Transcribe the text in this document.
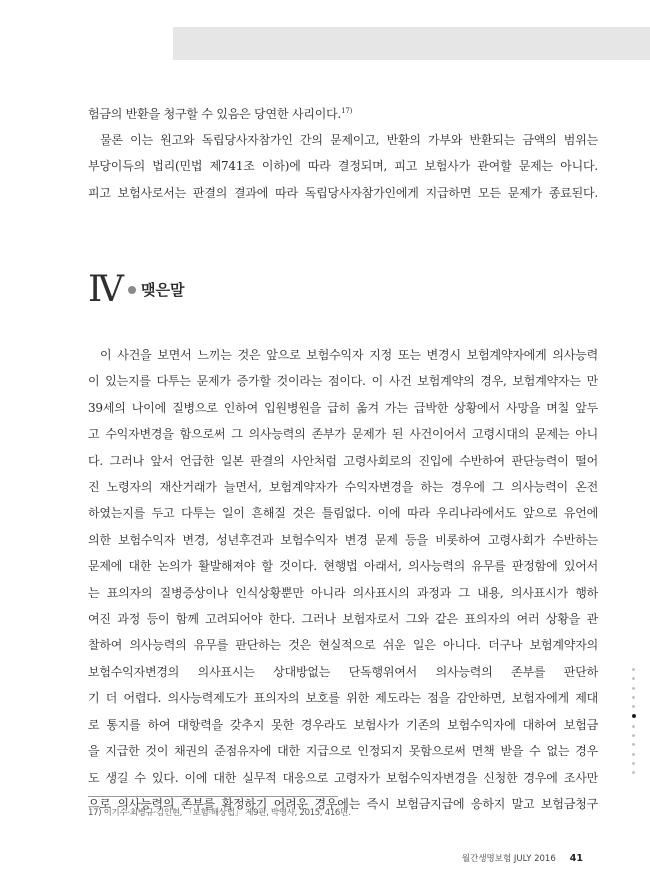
험금의 반환을 청구할 수 있음은 당연한 사리이다.$^{17)}$
물론 이는 원고와 독립당사자참가인 간의 문제이고, 반환의 가부와 반환되는 금액의 범위는
부당이득의 법리(민법 제741조 이하)에 따라 결정되며, 피고 보험사가 관여할 문제는 아니다.
피고 보험사로서는 판결의 결과에 따라 독립당사자참가인에게 지급하면 모든 문제가 종료된다.
Ⅳ 맺은말
이 사건을 보면서 느끼는 것은 앞으로 보험수익자 지정 또는 변경시 보험계약자에게 의사능력
이 있는지를 다투는 문제가 증가할 것이라는 점이다. 이 사건 보험계약의 경우, 보험계약자는 만
39세의 나이에 질병으로 인하여 입원병원을 급히 옮겨 가는 급박한 상황에서 사망을 며칠 앞두
고 수익자변경을 함으로써 그 의사능력의 존부가 문제가 된 사건이어서 고령시대의 문제는 아니
다. 그러나 앞서 언급한 일본 판결의 사안처럼 고령사회로의 진입에 수반하여 판단능력이 떨어
진 노령자의 재산거래가 늘면서, 보험계약자가 수익자변경을 하는 경우에 그 의사능력이 온전
하였는지를 두고 다투는 일이 흔해질 것은 틀림없다. 이에 따라 우리나라에서도 앞으로 유언에
의한 보험수익자 변경, 성년후견과 보험수익자 변경 문제 등을 비롯하여 고령사회가 수반하는
문제에 대한 논의가 활발해져야 할 것이다. 현행법 아래서, 의사능력의 유무를 판정함에 있어서
는 표의자의 질병증상이나 인식상황뿐만 아니라 의사표시의 과정과 그 내용, 의사표시가 행하
여진 과정 등이 함께 고려되어야 한다. 그러나 보험자로서 그와 같은 표의자의 여러 상황을 관
찰하여 의사능력의 유무를 판단하는 것은 현실적으로 쉬운 일은 아니다. 더구나 보험계약자의
보험수익자변경의 의사표시는 상대방없는 단독행위여서 의사능력의 존부를 판단하
기 더 어렵다. 의사능력제도가 표의자의 보호를 위한 제도라는 점을 감안하면, 보험자에게 제대
로 통지를 하여 대항력을 갖추지 못한 경우라도 보험사가 기존의 보험수익자에 대하여 보험금
을 지급한 것이 채권의 준점유자에 대한 지급으로 인정되지 못함으로써 면책 받을 수 없는 경우
도 생길 수 있다. 이에 대한 실무적 대응으로 고령자가 보험수익자변경을 신청한 경우에 조사만
으로 의사능력의 존부를 확정하기 어려운 경우에는 즉시 보험금지급에 응하지 말고 보험금청구
17) 이기수·최병규·김인현, 「보험·해상법」 제9판, 박영사, 2015, 416면.
월간생명보험 JULY 2016 41
